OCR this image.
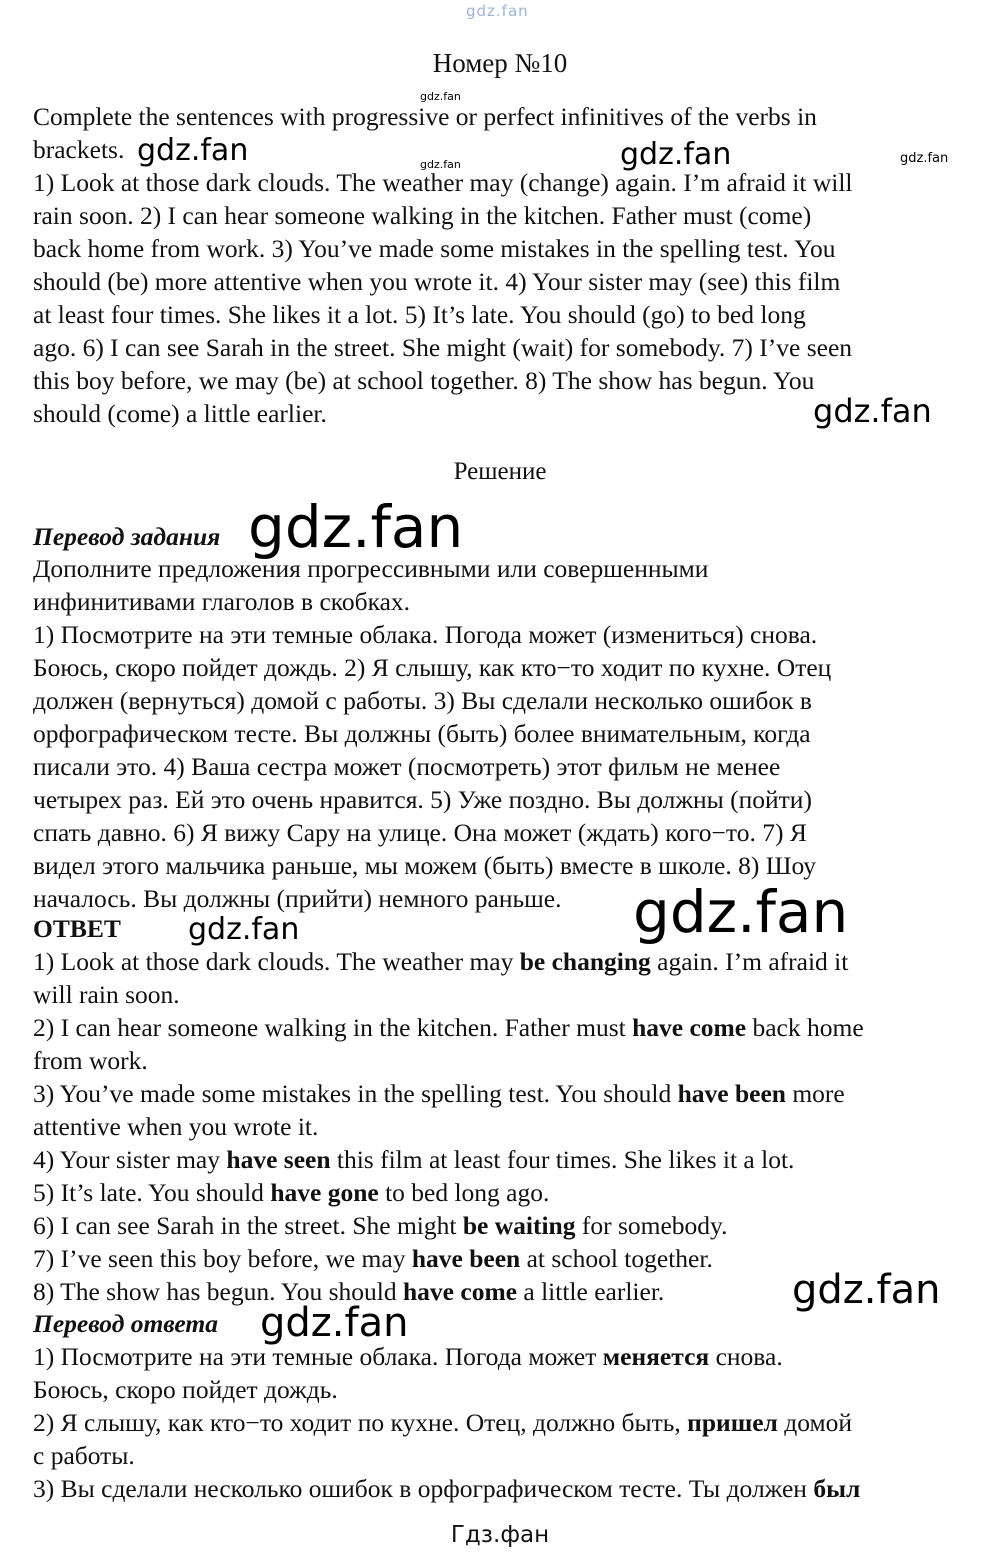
gdz.fan
Номер №10
Complete the sentences with progressive or perfect infinitives of the verbs in
brackets.
1) Look at those dark clouds. The weather may (change) again. I’m afraid it will
rain soon. 2) I can hear someone walking in the kitchen. Father must (come)
back home from work. 3) You’ve made some mistakes in the spelling test. You
should (be) more attentive when you wrote it. 4) Your sister may (see) this film
at least four times. She likes it a lot. 5) It’s late. You should (go) to bed long
ago. 6) I can see Sarah in the street. She might (wait) for somebody. 7) I’ve seen
this boy before, we may (be) at school together. 8) The show has begun. You
should (come) a little earlier.
Решение
Перевод задания
Дополните предложения прогрессивными или совершенными
инфинитивами глаголов в скобках.
1) Посмотрите на эти темные облака. Погода может (измениться) снова.
Боюсь, скоро пойдет дождь. 2) Я слышу, как кто−то ходит по кухне. Отец
должен (вернуться) домой с работы. 3) Вы сделали несколько ошибок в
орфографическом тесте. Вы должны (быть) более внимательным, когда
писали это. 4) Ваша сестра может (посмотреть) этот фильм не менее
четырех раз. Ей это очень нравится. 5) Уже поздно. Вы должны (пойти)
спать давно. 6) Я вижу Сару на улице. Она может (ждать) кого−то. 7) Я
видел этого мальчика раньше, мы можем (быть) вместе в школе. 8) Шоу
началось. Вы должны (прийти) немного раньше.
ОТВЕТ
1) Look at those dark clouds. The weather may be changing again. I’m afraid it
will rain soon.
2) I can hear someone walking in the kitchen. Father must have come back home
from work.
3) You’ve made some mistakes in the spelling test. You should have been more
attentive when you wrote it.
4) Your sister may have seen this film at least four times. She likes it a lot.
5) It’s late. You should have gone to bed long ago.
6) I can see Sarah in the street. She might be waiting for somebody.
7) I’ve seen this boy before, we may have been at school together.
8) The show has begun. You should have come a little earlier.
Перевод ответа
1) Посмотрите на эти темные облака. Погода может меняется снова.
Боюсь, скоро пойдет дождь.
2) Я слышу, как кто−то ходит по кухне. Отец, должно быть, пришел домой
с работы.
3) Вы сделали несколько ошибок в орфографическом тесте. Ты должен был
gdz.fan
gdz.fan	gdz.fan
gdz.fan	gdz.fan
gdz.fan
gdz.fan
gdz.fan
gdz.fan
gdz.fan
gdz.fan
Гдз.фан
